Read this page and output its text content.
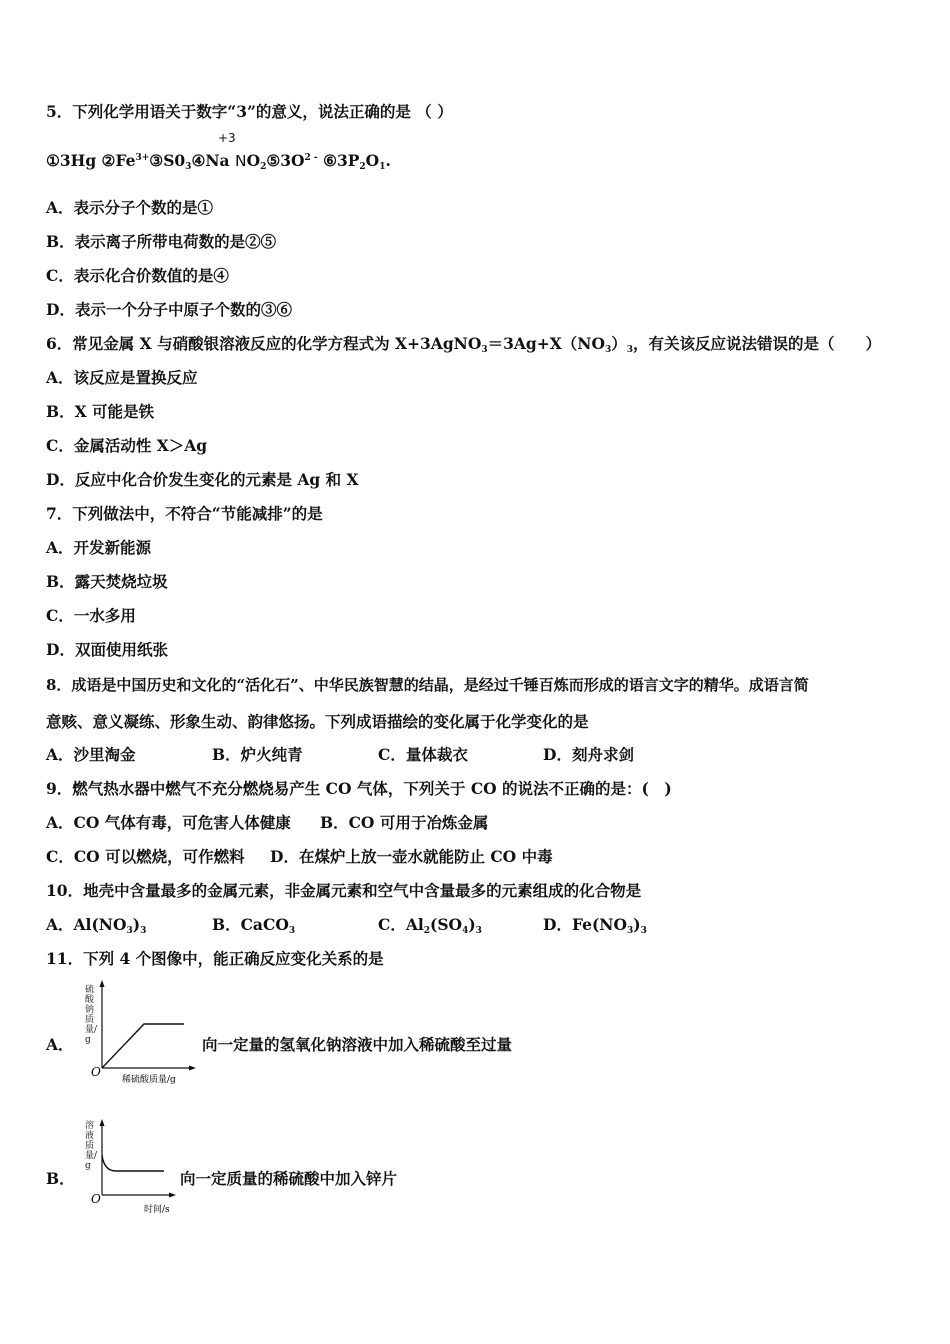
5．下列化学用语关于数字“3”的意义，说法正确的是 （ ）
+3
①3Hg $②Fe^{3+}③S0_3④Na$ $NO_2⑤3O^{2 -}$ $⑥3P_2O_1$.
A．表示分子个数的是①
B．表示离子所带电荷数的是②⑤
C．表示化合价数值的是④
D．表示一个分子中原子个数的③⑥
6．常见金属 X 与硝酸银溶液反应的化学方程式为 $X+3AgNO_3=3Ag+X(NO_3)_3$，有关该反应说法错误的是（　　）
A．该反应是置换反应
B．X 可能是铁
C．金属活动性 X＞Ag
D．反应中化合价发生变化的元素是 Ag 和 X
7．下列做法中，不符合“节能减排”的是
A．开发新能源
B．露天焚烧垃圾
C．一水多用
D．双面使用纸张
8．成语是中国历史和文化的“活化石”、中华民族智慧的结晶，是经过千锤百炼而形成的语言文字的精华。成语言简
意赅、意义凝练、形象生动、韵律悠扬。下列成语描绘的变化属于化学变化的是
A．沙里淘金	B．炉火纯青	C．量体裁衣	D．刻舟求剑
9．燃气热水器中燃气不充分燃烧易产生 CO 气体，下列关于 CO 的说法不正确的是：(　)
A．CO 气体有毒，可危害人体健康 B．CO 可用于冶炼金属
C．CO 可以燃烧，可作燃料 D．在煤炉上放一壶水就能防止 CO 中毒
10．地壳中含量最多的金属元素，非金属元素和空气中含量最多的元素组成的化合物是
A．$Al(NO_3)_3$	B．CaCO$_3$	C．$Al_2(SO_4)_3$	D．$Fe(NO_3)_3$
11．下列 4 个图像中，能正确反应变化关系的是
A．
O
稀硫酸质量/g
硫酸钠质量/g	向一定量的氢氧化钠溶液中加入稀硫酸至过量
B．
O
时间/s
溶液质量/g
向一定质量的稀硫酸中加入锌片
